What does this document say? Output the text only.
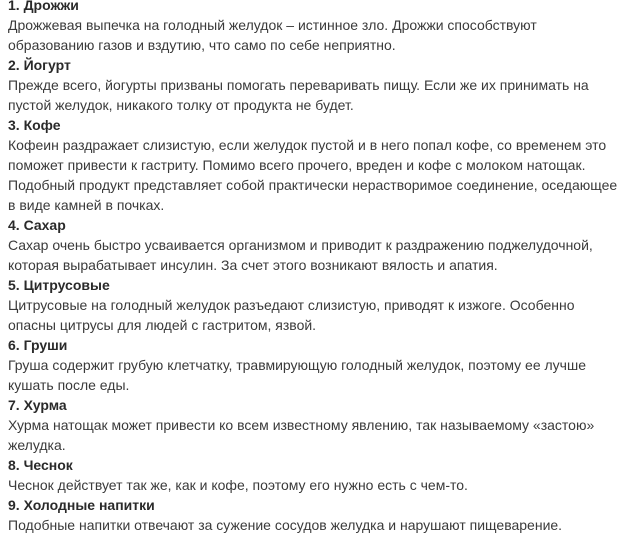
1. Дрожжи

Дрожжевая выпечка на голодный желудок – истинное зло. Дрожжи способствуют образованию газов и вздутию, что само по себе неприятно.

2. Йогурт

Прежде всего, йогурты призваны помогать переваривать пищу. Если же их принимать на пустой желудок, никакого толку от продукта не будет.

3. Кофе

Кофеин раздражает слизистую, если желудок пустой и в него попал кофе, со временем это поможет привести к гастриту. Помимо всего прочего, вреден и кофе с молоком натощак. Подобный продукт представляет собой практически нерастворимое соединение, оседающее в виде камней в почках.

4. Сахар

Сахар очень быстро усваивается организмом и приводит к раздражению поджелудочной, которая вырабатывает инсулин. За счет этого возникают вялость и апатия.

5. Цитрусовые

Цитрусовые на голодный желудок разъедают слизистую, приводят к изжоге. Особенно опасны цитрусы для людей с гастритом, язвой.

6. Груши

Груша содержит грубую клетчатку, травмирующую голодный желудок, поэтому ее лучше кушать после еды.

7. Хурма

Хурма натощак может привести ко всем известному явлению, так называемому «застою» желудка.

8. Чеснок

Чеснок действует так же, как и кофе, поэтому его нужно есть с чем-то.

9. Холодные напитки

Подобные напитки отвечают за сужение сосудов желудка и нарушают пищеварение.
